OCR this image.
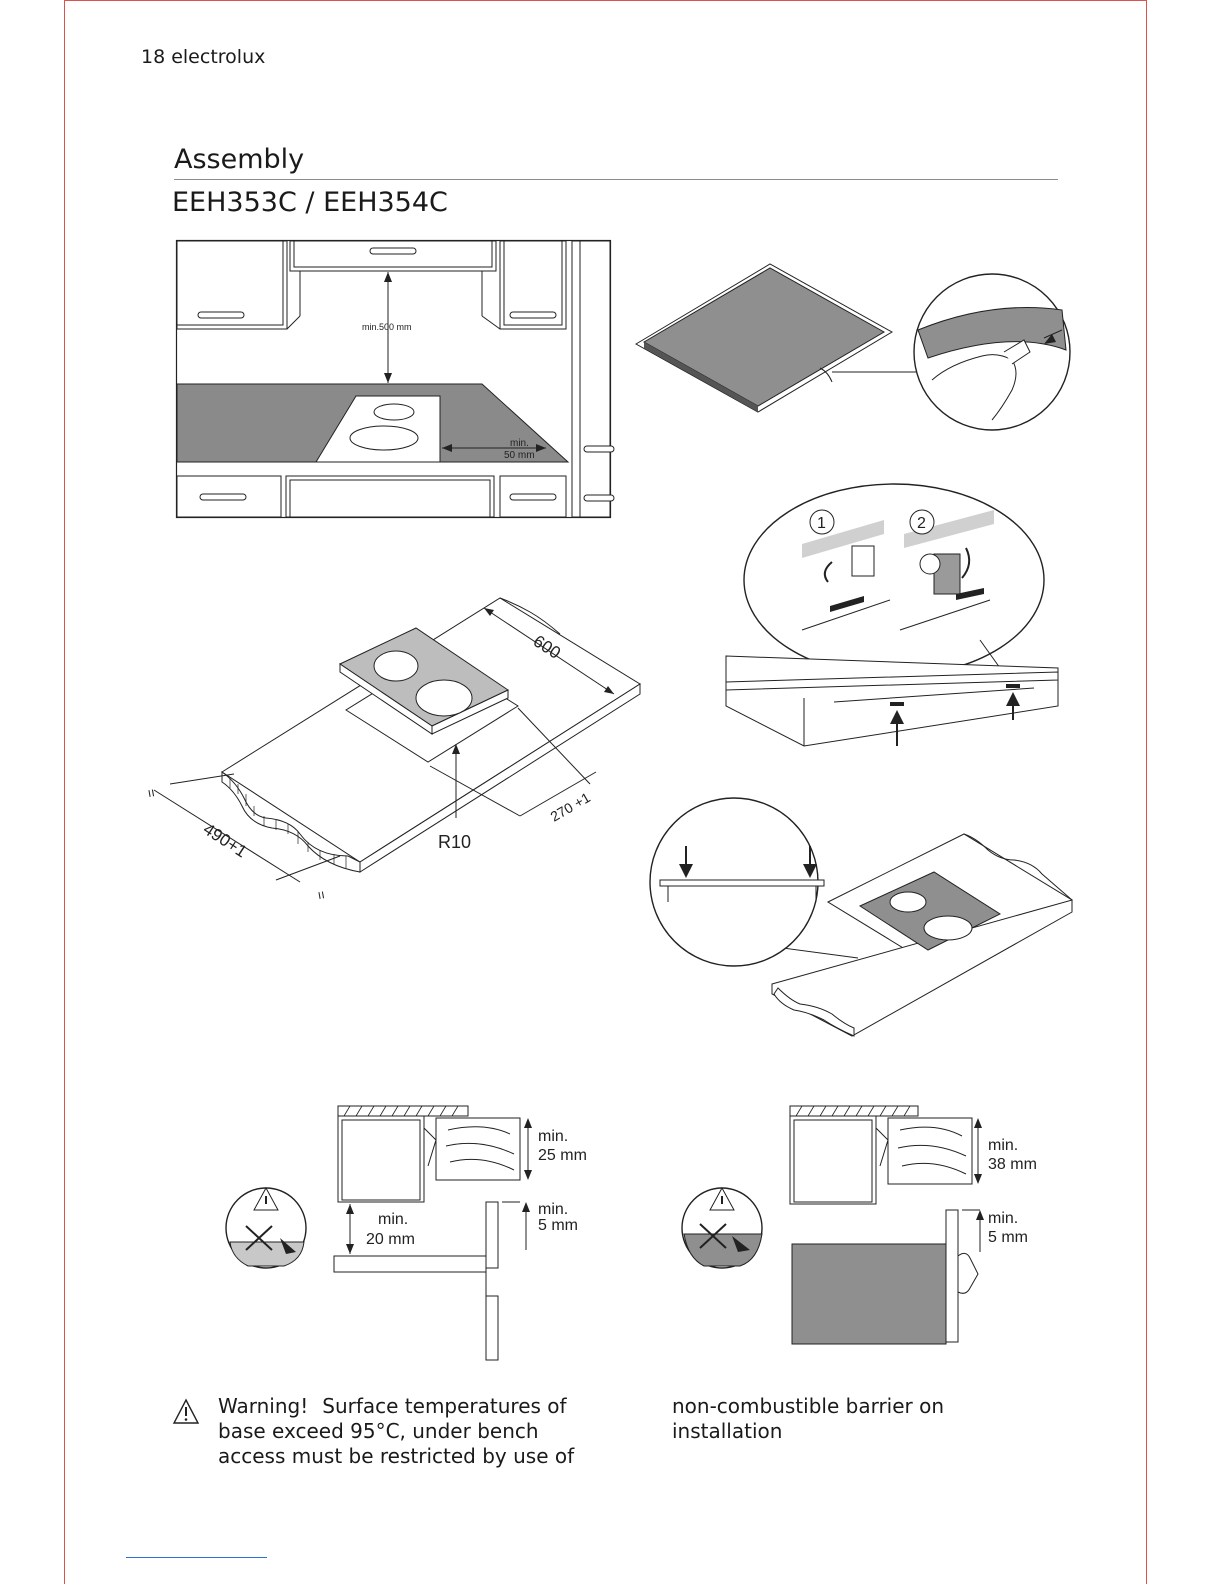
18 electrolux
Assembly
EEH353C / EEH354C
min.500 mm
min.
50 mm
600
490+1
=
=
270 +1
R10
1	2
min.
25 mm
min.
5 mm
min.
20 mm
min.
38 mm
min.
5 mm
Warning! Surface temperatures of base exceed 95°C, under bench access must be restricted by use of
non-combustible barrier on installation
